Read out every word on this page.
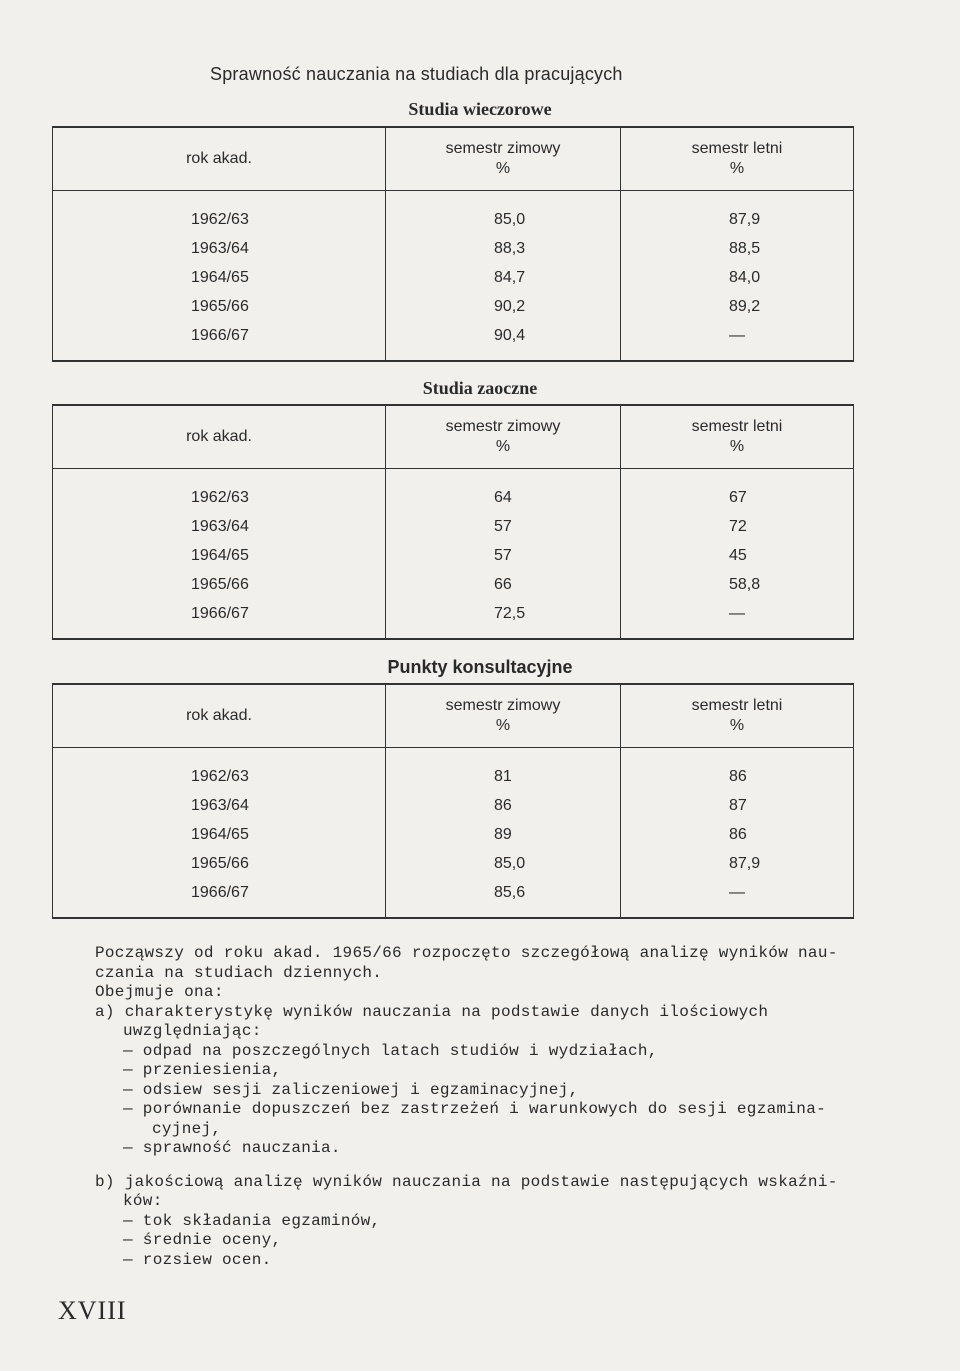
Sprawność nauczania na studiach dla pracujących
Studia wieczorowe
rok akad.
semestr zimowy
%
semestr letni
%
1962/63
1963/64
1964/65
1965/66
1966/67
85,0
88,3
84,7
90,2
90,4
87,9
88,5
84,0
89,2
—
Studia zaoczne
rok akad.
semestr zimowy
%
semestr letni
%
1962/63
1963/64
1964/65
1965/66
1966/67
64
57
57
66
72,5
67
72
45
58,8
—
Punkty konsultacyjne
rok akad.
semestr zimowy
%
semestr letni
%
1962/63
1963/64
1964/65
1965/66
1966/67
81
86
89
85,0
85,6
86
87
86
87,9
—

Począwszy od roku akad. 1965/66 rozpoczęto szczegółową analizę wyników nau-

czania na studiach dziennych.

Obejmuje ona:

a) charakterystykę wyników nauczania na podstawie danych ilościowych

uwzględniając:

— odpad na poszczególnych latach studiów i wydziałach,

— przeniesienia,

— odsiew sesji zaliczeniowej i egzaminacyjnej,

— porównanie dopuszczeń bez zastrzeżeń i warunkowych do sesji egzamina-

cyjnej,

— sprawność nauczania.

b) jakościową analizę wyników nauczania na podstawie następujących wskaźni-

ków:

— tok składania egzaminów,

— średnie oceny,

— rozsiew ocen.

XVIII
